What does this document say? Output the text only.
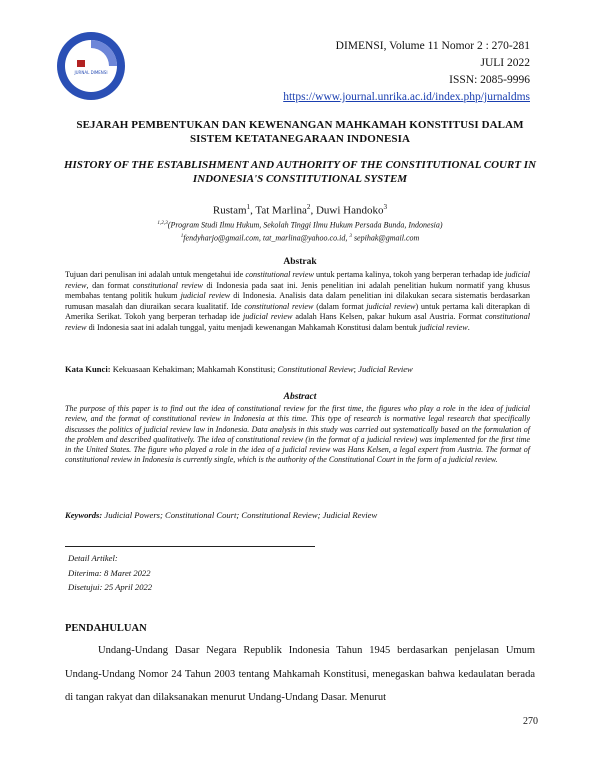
JURNAL DIMENSI
DIMENSI, Volume 11 Nomor 2 : 270-281
JULI 2022
ISSN: 2085-9996
https://www.journal.unrika.ac.id/index.php/jurnaldms
SEJARAH PEMBENTUKAN DAN KEWENANGAN MAHKAMAH KONSTITUSI DALAM SISTEM KETATANEGARAAN INDONESIA
HISTORY OF THE ESTABLISHMENT AND AUTHORITY OF THE CONSTITUTIONAL COURT IN INDONESIA'S CONSTITUTIONAL SYSTEM
Rustam$^1$, Tat Marlina$^2$, Duwi Handoko$^3$
$^{1,2,3}$(Program Studi Ilmu Hukum, Sekolah Tinggi Ilmu Hukum Persada Bunda, Indonesia)
$^1$fendyharjo@gmail.com, tat_marlina@yahoo.co.id, $^3$ sepihak@gmail.com
Abstrak
Tujuan dari penulisan ini adalah untuk mengetahui ide constitutional review untuk pertama kalinya, tokoh yang berperan terhadap ide judicial review, dan format constitutional review di Indonesia pada saat ini. Jenis penelitian ini adalah penelitian hukum normatif yang khusus membahas tentang politik hukum judicial review di Indonesia. Analisis data dalam penelitian ini dilakukan secara sistematis berdasarkan rumusan masalah dan diuraikan secara kualitatif. Ide constitutional review (dalam format judicial review) untuk pertama kali diterapkan di Amerika Serikat. Tokoh yang berperan terhadap ide judicial review adalah Hans Kelsen, pakar hukum asal Austria. Format constitutional review di Indonesia saat ini adalah tunggal, yaitu menjadi kewenangan Mahkamah Konstitusi dalam bentuk judicial review.
Kata Kunci: Kekuasaan Kehakiman; Mahkamah Konstitusi; Constitutional Review; Judicial Review
Abstract
The purpose of this paper is to find out the idea of constitutional review for the first time, the figures who play a role in the idea of judicial review, and the format of constitutional review in Indonesia at this time. This type of research is normative legal research that specifically discusses the politics of judicial review law in Indonesia. Data analysis in this study was carried out systematically based on the formulation of the problem and described qualitatively. The idea of constitutional review (in the format of a judicial review) was implemented for the first time in the United States. The figure who played a role in the idea of a judicial review was Hans Kelsen, a legal expert from Austria. The format of constitutional review in Indonesia is currently single, which is the authority of the Constitutional Court in the form of a judicial review.
Keywords: Judicial Powers; Constitutional Court; Constitutional Review; Judicial Review
Detail Artikel:
Diterima: 8 Maret 2022
Disetujui: 25 April 2022
PENDAHULUAN
Undang-Undang Dasar Negara Republik Indonesia Tahun 1945 berdasarkan penjelasan Umum Undang-Undang Nomor 24 Tahun 2003 tentang Mahkamah Konstitusi, menegaskan bahwa kedaulatan berada di tangan rakyat dan dilaksanakan menurut Undang-Undang Dasar. Menurut
270
